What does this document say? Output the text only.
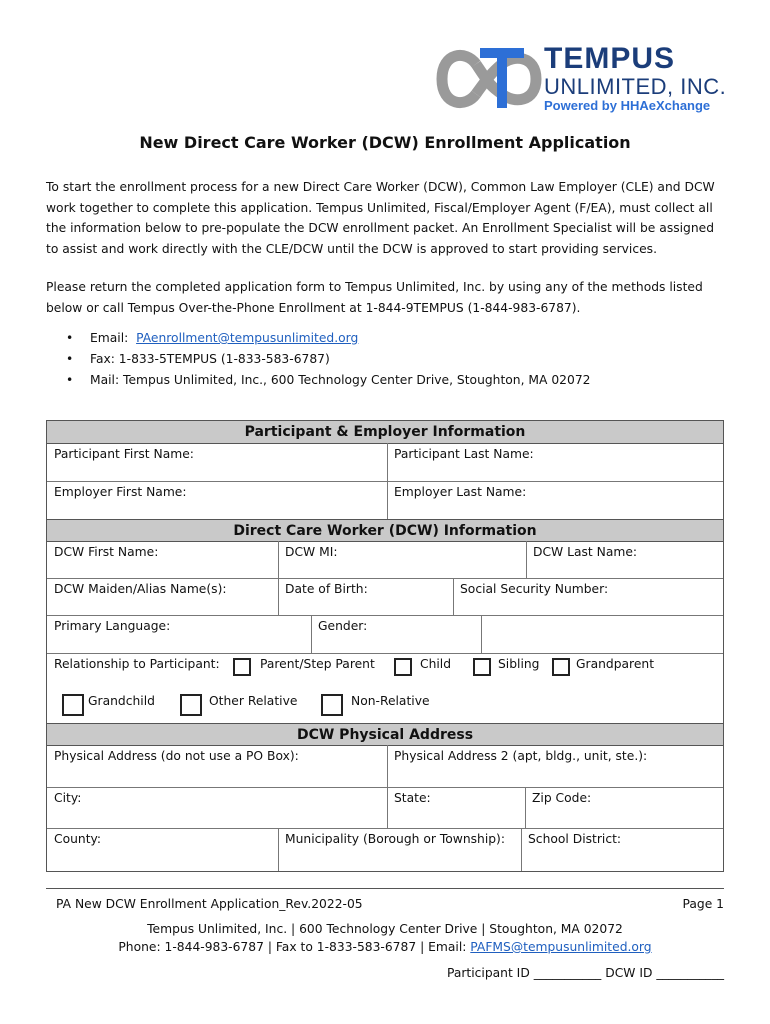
TEMPUS
UNLIMITED, INC.
Powered by HHAeXchange
New Direct Care Worker (DCW) Enrollment Application
To start the enrollment process for a new Direct Care Worker (DCW), Common Law Employer (CLE) and DCW
work together to complete this application. Tempus Unlimited, Fiscal/Employer Agent (F/EA), must collect all
the information below to pre-populate the DCW enrollment packet. An Enrollment Specialist will be assigned
to assist and work directly with the CLE/DCW until the DCW is approved to start providing services.
Please return the completed application form to Tempus Unlimited, Inc. by using any of the methods listed
below or call Tempus Over-the-Phone Enrollment at 1-844-9TEMPUS (1-844-983-6787).
•	Email: PAenrollment@tempusunlimited.org
•	Fax: 1-833-5TEMPUS (1-833-583-6787)
•	Mail: Tempus Unlimited, Inc., 600 Technology Center Drive, Stoughton, MA 02072
Participant & Employer Information
Participant First Name:	Participant Last Name:
Employer First Name:	Employer Last Name:
Direct Care Worker (DCW) Information
DCW First Name:	DCW MI:	DCW Last Name:
DCW Maiden/Alias Name(s):	Date of Birth:	Social Security Number:
Primary Language:	Gender:
Relationship to Participant:	Parent/Step Parent	Child	Sibling	Grandparent
Grandchild	Other Relative	Non-Relative
DCW Physical Address
Physical Address (do not use a PO Box):	Physical Address 2 (apt, bldg., unit, ste.):
City:	State:	Zip Code:
County:	Municipality (Borough or Township):	School District:
PA New DCW Enrollment Application_Rev.2022-05	Page 1
Tempus Unlimited, Inc. | 600 Technology Center Drive | Stoughton, MA 02072
Phone: 1-844-983-6787 | Fax to 1-833-583-6787 | Email: PAFMS@tempusunlimited.org
Participant ID ___________ DCW ID ___________
